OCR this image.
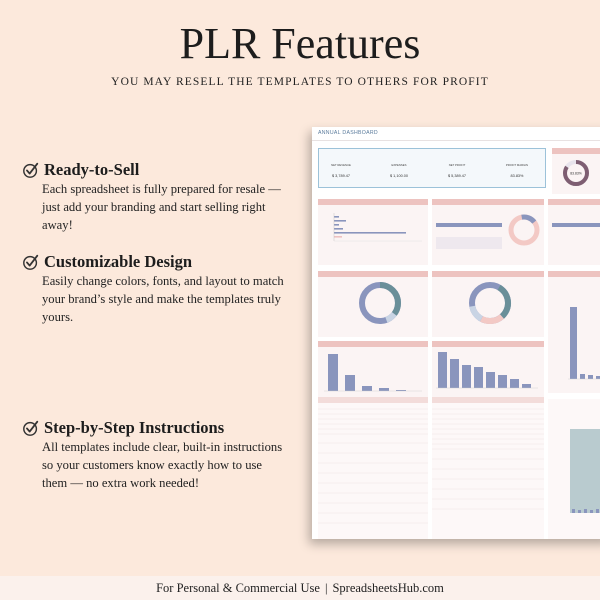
PLR Features
YOU MAY RESELL THE TEMPLATES TO OTHERS FOR PROFIT
Ready-to-Sell
Each spreadsheet is fully prepared for resale — just add your branding and start selling right away!
Customizable Design
Easily change colors, fonts, and layout to match your brand’s style and make the templates truly yours.
Step-by-Step Instructions
All templates include clear, built-in instructions so your customers know exactly how to use them — no extra work needed!
ANNUAL DASHBOARD
NET REVENUE
$ 3,789.47
EXPENSES
$ 1,100.00
NET PROFIT
$ 5,389.47
PROFIT MARGIN
83.83%
83.83%
For Personal & Commercial Use | SpreadsheetsHub.com
